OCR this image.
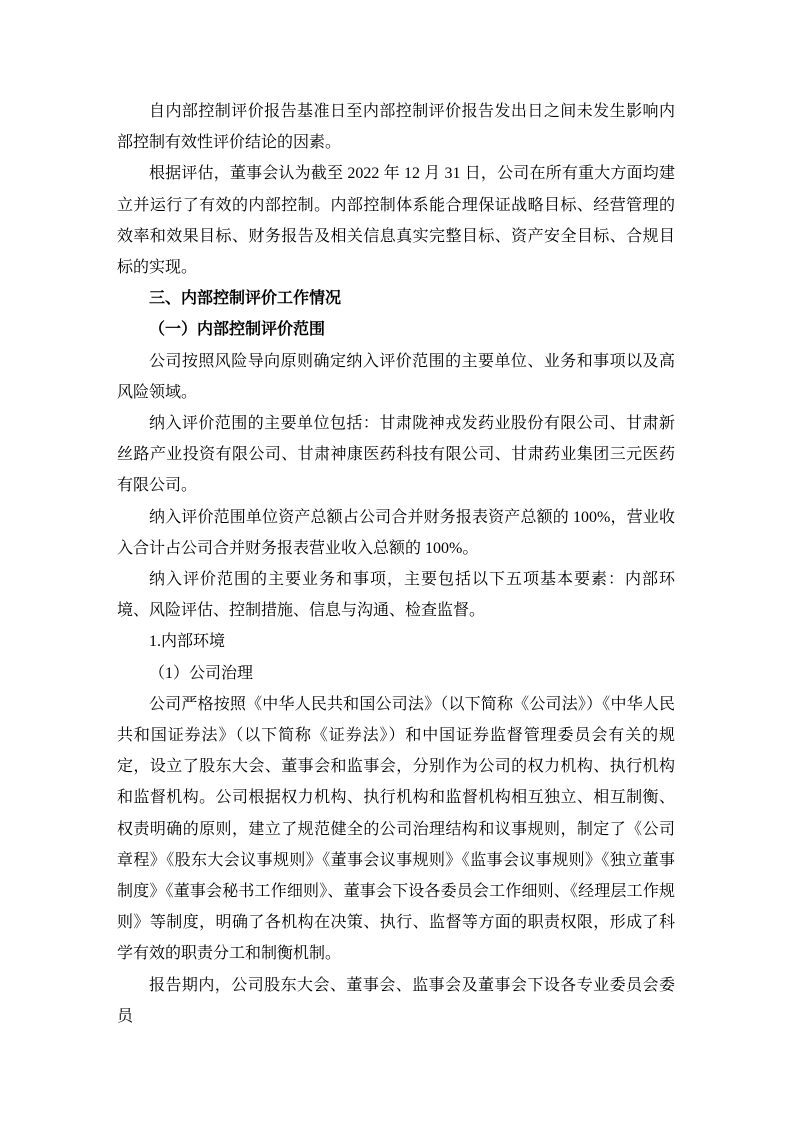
自内部控制评价报告基准日至内部控制评价报告发出日之间未发生影响内部控制有效性评价结论的因素。

根据评估，董事会认为截至 2022 年 12 月 31 日，公司在所有重大方面均建立并运行了有效的内部控制。内部控制体系能合理保证战略目标、经营管理的效率和效果目标、财务报告及相关信息真实完整目标、资产安全目标、合规目标的实现。

三、内部控制评价工作情况

（一）内部控制评价范围

公司按照风险导向原则确定纳入评价范围的主要单位、业务和事项以及高风险领域。

纳入评价范围的主要单位包括：甘肃陇神戎发药业股份有限公司、甘肃新丝路产业投资有限公司、甘肃神康医药科技有限公司、甘肃药业集团三元医药有限公司。

纳入评价范围单位资产总额占公司合并财务报表资产总额的 100%，营业收入合计占公司合并财务报表营业收入总额的 100%。

纳入评价范围的主要业务和事项，主要包括以下五项基本要素：内部环境、风险评估、控制措施、信息与沟通、检查监督。

1.内部环境

（1）公司治理

公司严格按照《中华人民共和国公司法》（以下简称《公司法》）《中华人民共和国证券法》（以下简称《证券法》）和中国证券监督管理委员会有关的规定，设立了股东大会、董事会和监事会，分别作为公司的权力机构、执行机构和监督机构。公司根据权力机构、执行机构和监督机构相互独立、相互制衡、权责明确的原则，建立了规范健全的公司治理结构和议事规则，制定了《公司章程》《股东大会议事规则》《董事会议事规则》《监事会议事规则》《独立董事制度》《董事会秘书工作细则》、董事会下设各委员会工作细则、《经理层工作规则》等制度，明确了各机构在决策、执行、监督等方面的职责权限，形成了科学有效的职责分工和制衡机制。

报告期内，公司股东大会、董事会、监事会及董事会下设各专业委员会委员
